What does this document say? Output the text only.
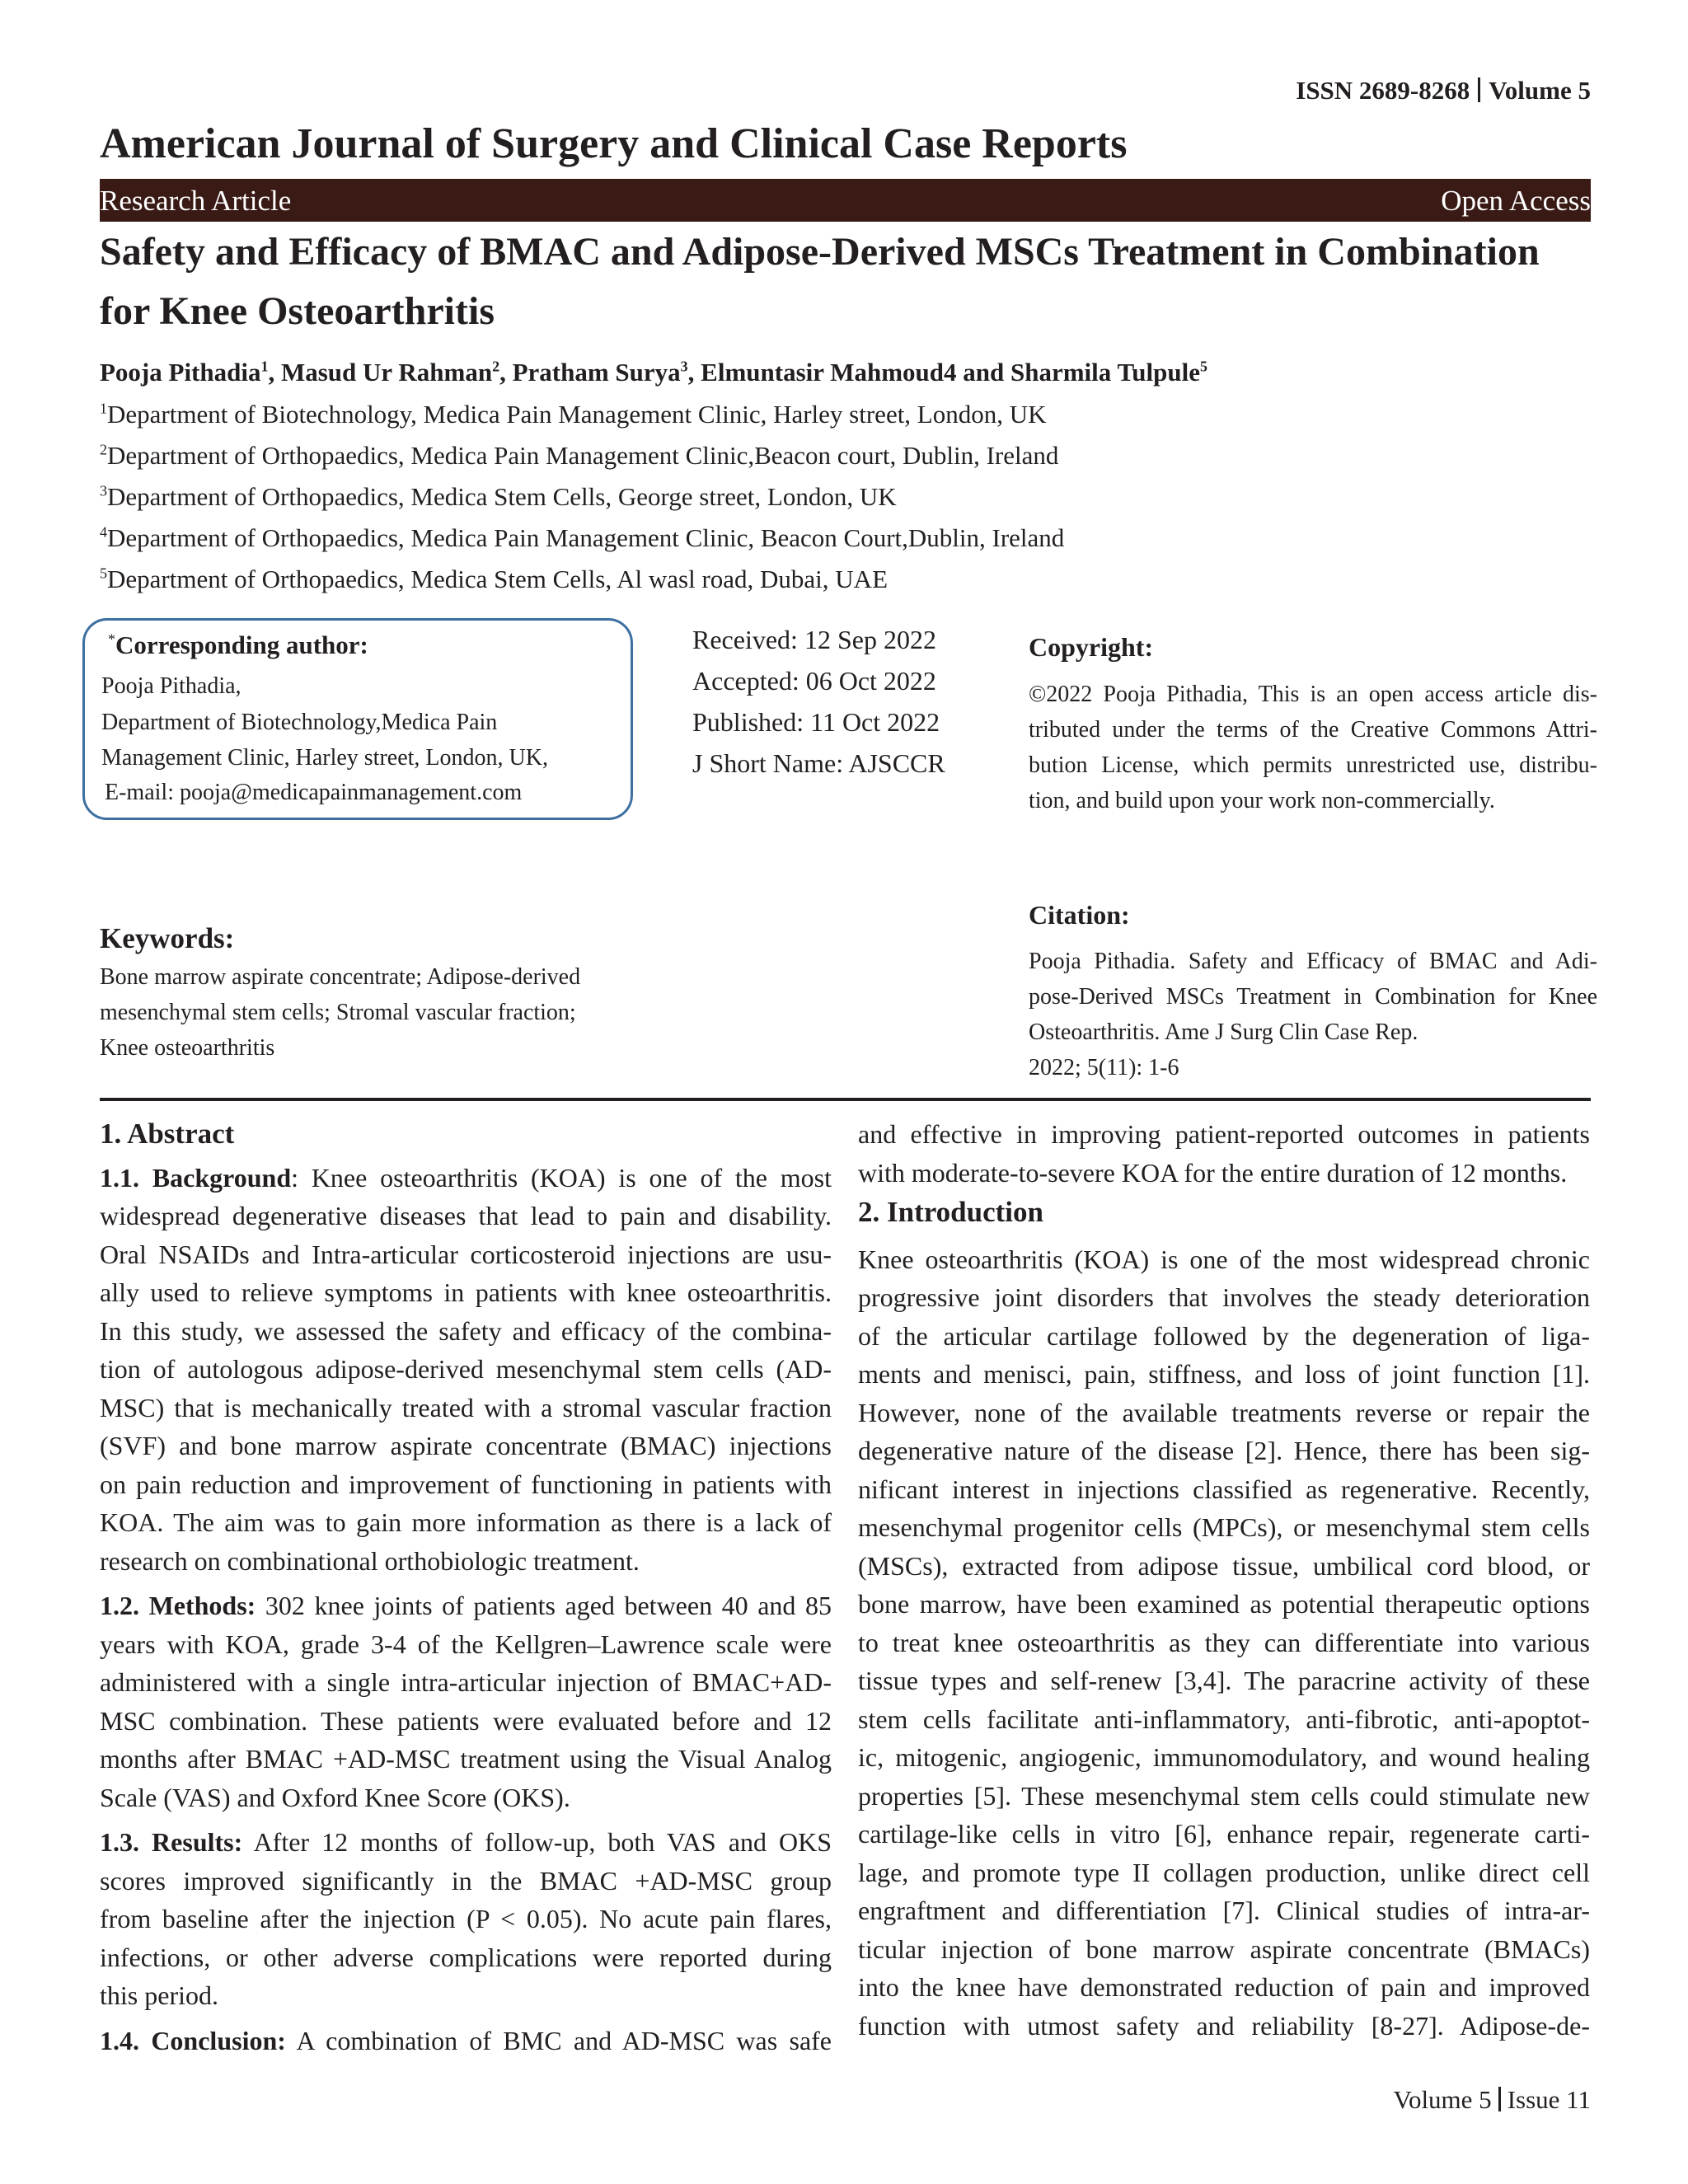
ISSN 2689-8268 Volume 5
American Journal of Surgery and Clinical Case Reports
Research Article	Open Access
Safety and Efficacy of BMAC and Adipose-Derived MSCs Treatment in Combination
for Knee Osteoarthritis
Pooja Pithadia$^1$, Masud Ur Rahman$^2$, Pratham Surya$^3$, Elmuntasir Mahmoud4 and Sharmila Tulpule$^5$
$^1$Department of Biotechnology, Medica Pain Management Clinic, Harley street, London, UK
$^2$Department of Orthopaedics, Medica Pain Management Clinic,Beacon court, Dublin, Ireland
$^3$Department of Orthopaedics, Medica Stem Cells, George street, London, UK
$^4$Department of Orthopaedics, Medica Pain Management Clinic, Beacon Court,Dublin, Ireland
$^5$Department of Orthopaedics, Medica Stem Cells, Al wasl road, Dubai, UAE
*Corresponding author:
Pooja Pithadia,
Department of Biotechnology,Medica Pain
Management Clinic, Harley street, London, UK,
E-mail: pooja@medicapainmanagement.com
Received: 12 Sep 2022
Accepted: 06 Oct 2022
Published: 11 Oct 2022
J Short Name: AJSCCR
Copyright:
©2022 Pooja Pithadia, This is an open access article dis-
tributed under the terms of the Creative Commons Attri-
bution License, which permits unrestricted use, distribu-
tion, and build upon your work non-commercially.
Keywords:
Bone marrow aspirate concentrate; Adipose-derived
mesenchymal stem cells; Stromal vascular fraction;
Knee osteoarthritis
Citation:
Pooja Pithadia. Safety and Efficacy of BMAC and Adi-
pose-Derived MSCs Treatment in Combination for Knee
Osteoarthritis. Ame J Surg Clin Case Rep.
2022; 5(11): 1-6
1. Abstract
1.1. Background: Knee osteoarthritis (KOA) is one of the most
widespread degenerative diseases that lead to pain and disability.
Oral NSAIDs and Intra-articular corticosteroid injections are usu-
ally used to relieve symptoms in patients with knee osteoarthritis.
In this study, we assessed the safety and efficacy of the combina-
tion of autologous adipose-derived mesenchymal stem cells (AD-
MSC) that is mechanically treated with a stromal vascular fraction
(SVF) and bone marrow aspirate concentrate (BMAC) injections
on pain reduction and improvement of functioning in patients with
KOA. The aim was to gain more information as there is a lack of
research on combinational orthobiologic treatment.
1.2. Methods: 302 knee joints of patients aged between 40 and 85
years with KOA, grade 3-4 of the Kellgren–Lawrence scale were
administered with a single intra-articular injection of BMAC+AD-
MSC combination. These patients were evaluated before and 12
months after BMAC +AD-MSC treatment using the Visual Analog
Scale (VAS) and Oxford Knee Score (OKS).
1.3. Results: After 12 months of follow-up, both VAS and OKS
scores improved significantly in the BMAC +AD-MSC group
from baseline after the injection (P < 0.05). No acute pain flares,
infections, or other adverse complications were reported during
this period.
1.4. Conclusion: A combination of BMC and AD-MSC was safe
and effective in improving patient-reported outcomes in patients
with moderate-to-severe KOA for the entire duration of 12 months.
2. Introduction
Knee osteoarthritis (KOA) is one of the most widespread chronic
progressive joint disorders that involves the steady deterioration
of the articular cartilage followed by the degeneration of liga-
ments and menisci, pain, stiffness, and loss of joint function [1].
However, none of the available treatments reverse or repair the
degenerative nature of the disease [2]. Hence, there has been sig-
nificant interest in injections classified as regenerative. Recently,
mesenchymal progenitor cells (MPCs), or mesenchymal stem cells
(MSCs), extracted from adipose tissue, umbilical cord blood, or
bone marrow, have been examined as potential therapeutic options
to treat knee osteoarthritis as they can differentiate into various
tissue types and self-renew [3,4]. The paracrine activity of these
stem cells facilitate anti-inflammatory, anti-fibrotic, anti-apoptot-
ic, mitogenic, angiogenic, immunomodulatory, and wound healing
properties [5]. These mesenchymal stem cells could stimulate new
cartilage-like cells in vitro [6], enhance repair, regenerate carti-
lage, and promote type II collagen production, unlike direct cell
engraftment and differentiation [7]. Clinical studies of intra-ar-
ticular injection of bone marrow aspirate concentrate (BMACs)
into the knee have demonstrated reduction of pain and improved
function with utmost safety and reliability [8-27]. Adipose-de-
Volume 5 Issue 11
